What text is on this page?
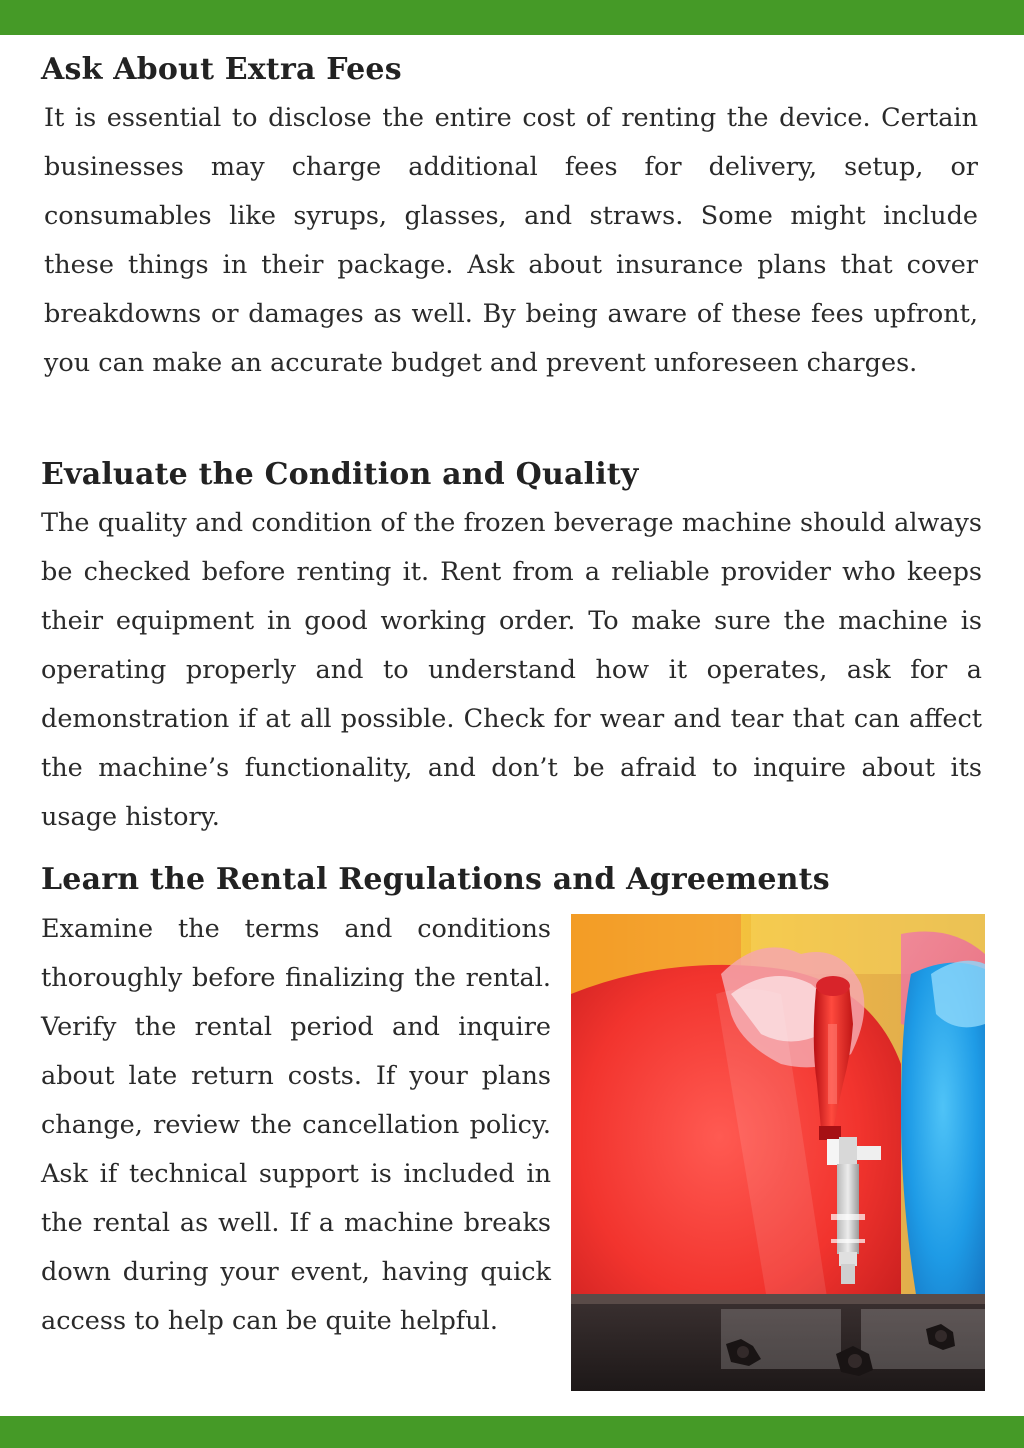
Ask About Extra Fees

It is essential to disclose the entire cost of renting the device. Certain businesses may charge additional fees for delivery, setup, or consumables like syrups, glasses, and straws. Some might include these things in their package. Ask about insurance plans that cover breakdowns or damages as well. By being aware of these fees upfront, you can make an accurate budget and prevent unforeseen charges.

Evaluate the Condition and Quality

The quality and condition of the frozen beverage machine should always be checked before renting it. Rent from a reliable provider who keeps their equipment in good working order. To make sure the machine is operating properly and to understand how it operates, ask for a demonstration if at all possible. Check for wear and tear that can affect the machine’s functionality, and don’t be afraid to inquire about its usage history.

Learn the Rental Regulations and Agreements

Examine the terms and conditions thoroughly before finalizing the rental. Verify the rental period and inquire about late return costs. If your plans change, review the cancellation policy. Ask if technical support is included in the rental as well. If a machine breaks down during your event, having quick access to help can be quite helpful.
